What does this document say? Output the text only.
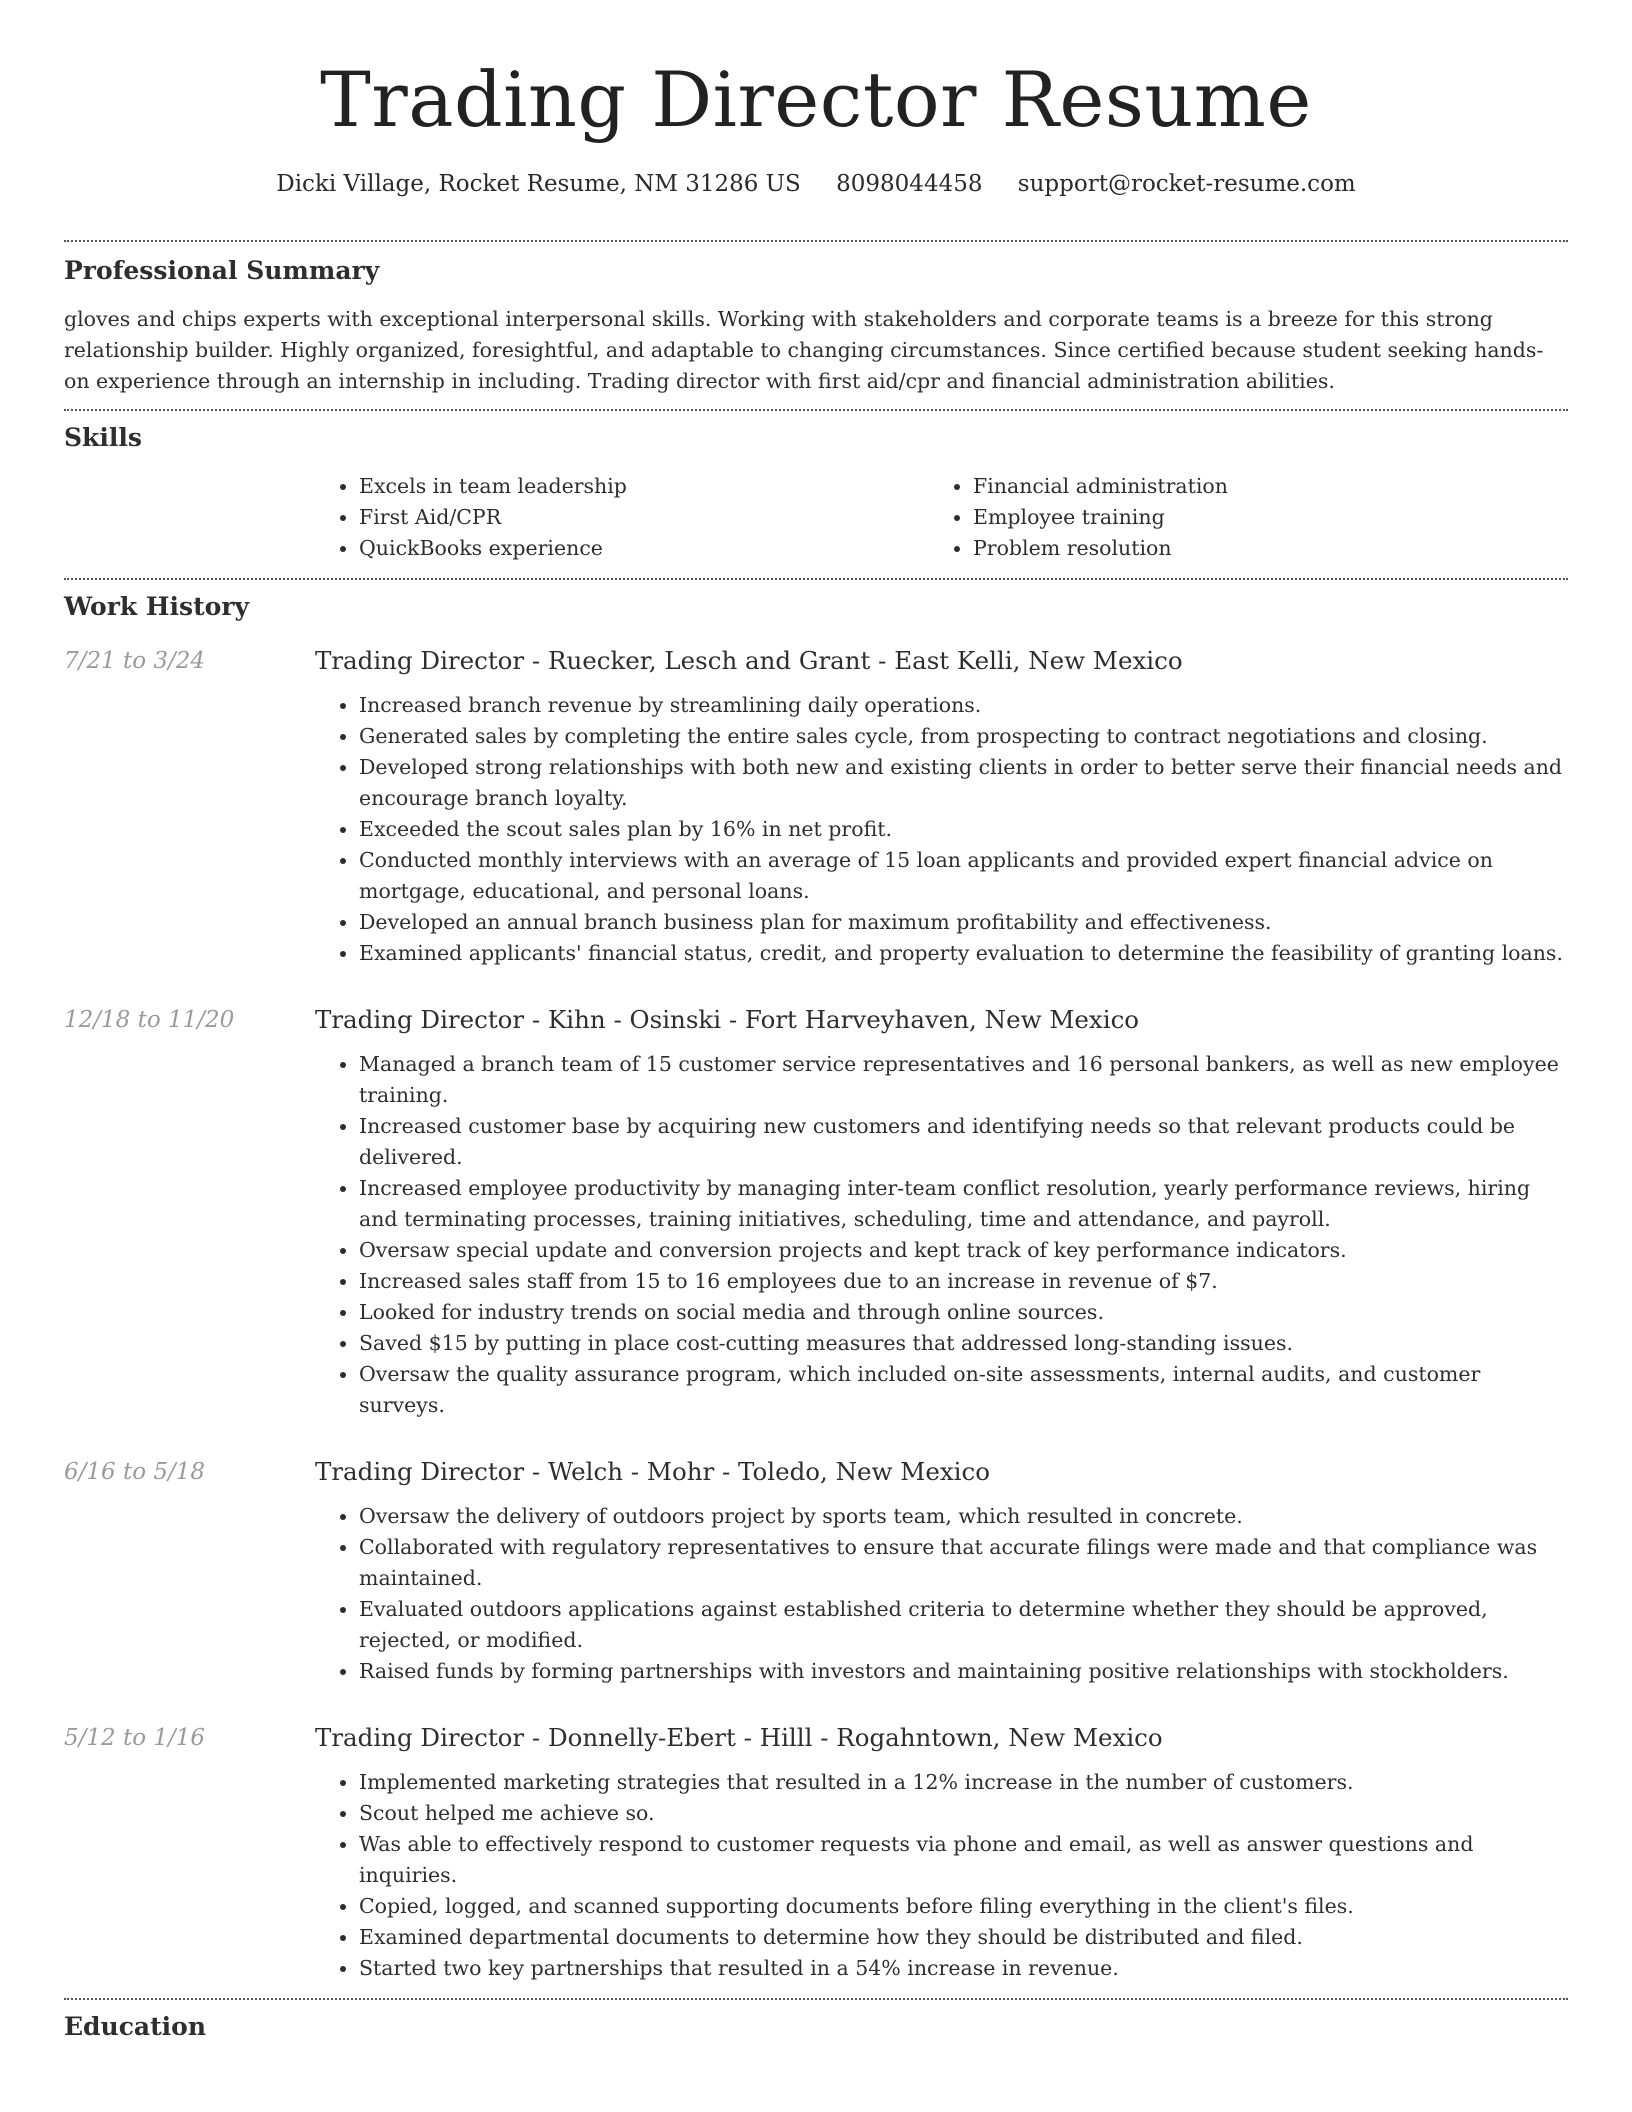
Trading Director Resume
Dicki Village, Rocket Resume, NM 31286 US 8098044458 support@rocket-resume.com
Professional Summary

gloves and chips experts with exceptional interpersonal skills. Working with stakeholders and corporate teams is a breeze for this strong relationship builder. Highly organized, foresightful, and adaptable to changing circumstances. Since certified because student seeking hands-on experience through an internship in including. Trading director with first aid/cpr and financial administration abilities.

Skills
• Excels in team leadership
• First Aid/CPR
• QuickBooks experience
• Financial administration
• Employee training
• Problem resolution
Work History
7/21 to 3/24	Trading Director - Ruecker, Lesch and Grant - East Kelli, New Mexico
• Increased branch revenue by streamlining daily operations.
• Generated sales by completing the entire sales cycle, from prospecting to contract negotiations and closing.
• Developed strong relationships with both new and existing clients in order to better serve their financial needs and encourage branch loyalty.
• Exceeded the scout sales plan by 16% in net profit.
• Conducted monthly interviews with an average of 15 loan applicants and provided expert financial advice on mortgage, educational, and personal loans.
• Developed an annual branch business plan for maximum profitability and effectiveness.
• Examined applicants' financial status, credit, and property evaluation to determine the feasibility of granting loans.
12/18 to 11/20	Trading Director - Kihn - Osinski - Fort Harveyhaven, New Mexico
• Managed a branch team of 15 customer service representatives and 16 personal bankers, as well as new employee training.
• Increased customer base by acquiring new customers and identifying needs so that relevant products could be delivered.
• Increased employee productivity by managing inter-team conflict resolution, yearly performance reviews, hiring and terminating processes, training initiatives, scheduling, time and attendance, and payroll.
• Oversaw special update and conversion projects and kept track of key performance indicators.
• Increased sales staff from 15 to 16 employees due to an increase in revenue of $7.
• Looked for industry trends on social media and through online sources.
• Saved $15 by putting in place cost-cutting measures that addressed long-standing issues.
• Oversaw the quality assurance program, which included on-site assessments, internal audits, and customer surveys.
6/16 to 5/18	Trading Director - Welch - Mohr - Toledo, New Mexico
• Oversaw the delivery of outdoors project by sports team, which resulted in concrete.
• Collaborated with regulatory representatives to ensure that accurate filings were made and that compliance was maintained.
• Evaluated outdoors applications against established criteria to determine whether they should be approved, rejected, or modified.
• Raised funds by forming partnerships with investors and maintaining positive relationships with stockholders.
5/12 to 1/16	Trading Director - Donnelly-Ebert - Hilll - Rogahntown, New Mexico
• Implemented marketing strategies that resulted in a 12% increase in the number of customers.
• Scout helped me achieve so.
• Was able to effectively respond to customer requests via phone and email, as well as answer questions and inquiries.
• Copied, logged, and scanned supporting documents before filing everything in the client's files.
• Examined departmental documents to determine how they should be distributed and filed.
• Started two key partnerships that resulted in a 54% increase in revenue.
Education
